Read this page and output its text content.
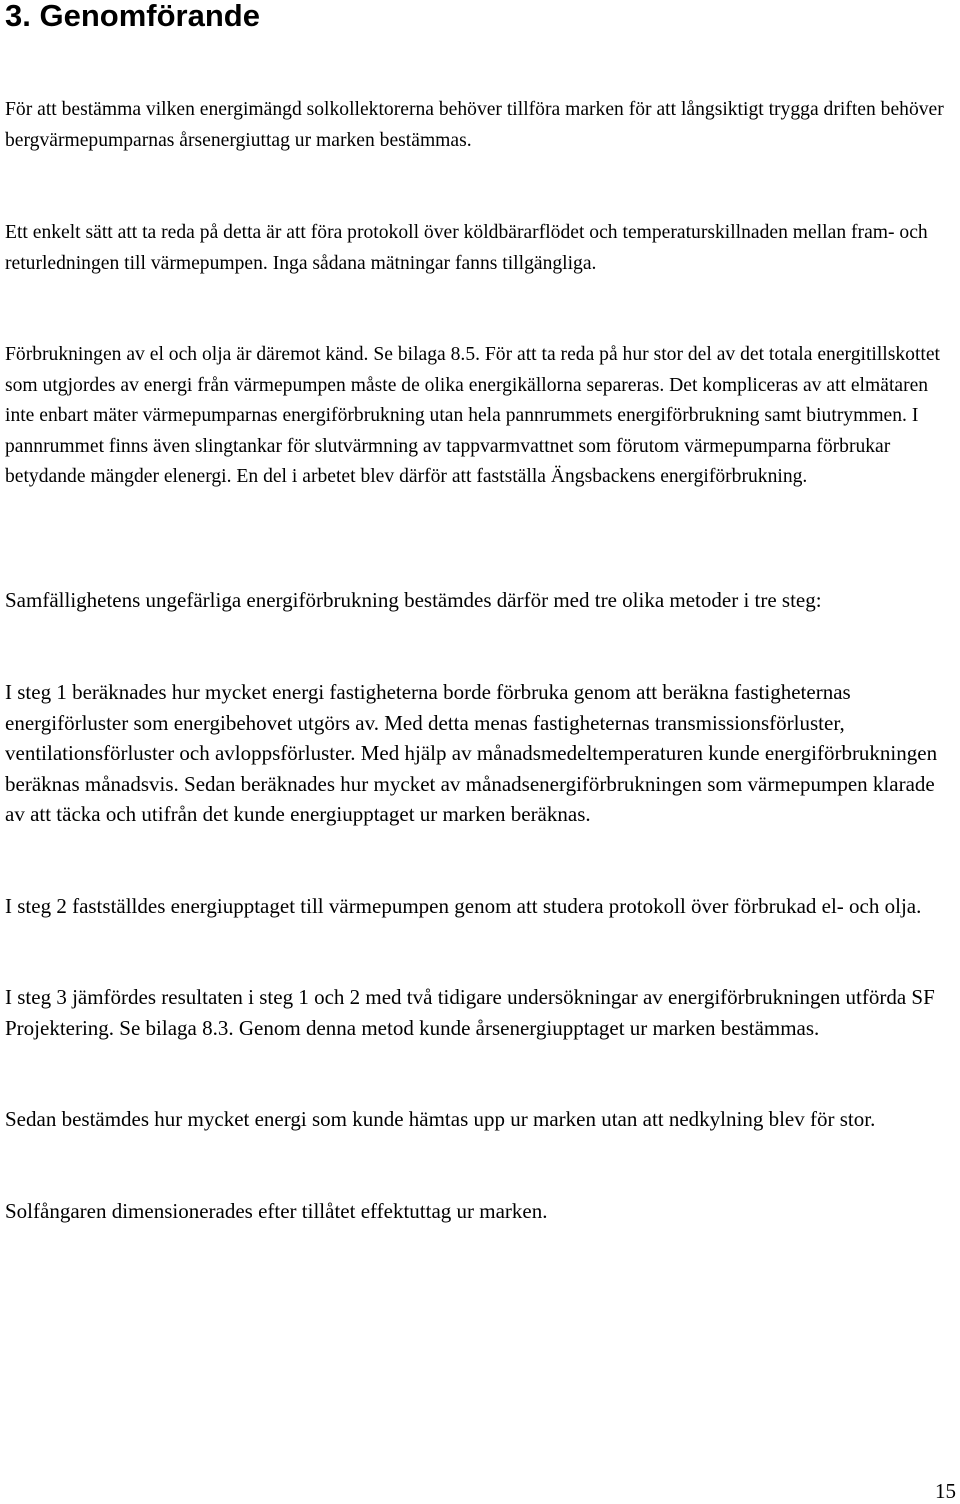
3. Genomförande

För att bestämma vilken energimängd solkollektorerna behöver tillföra marken för att långsiktigt trygga driften behöver bergvärmepumparnas årsenergiuttag ur marken bestämmas.

Ett enkelt sätt att ta reda på detta är att föra protokoll över köldbärarflödet och temperaturskillnaden mellan fram- och returledningen till värmepumpen. Inga sådana mätningar fanns tillgängliga.

Förbrukningen av el och olja är däremot känd. Se bilaga 8.5. För att ta reda på hur stor del av det totala energitillskottet som utgjordes av energi från värmepumpen måste de olika energikällorna separeras. Det kompliceras av att elmätaren inte enbart mäter värmepumparnas energiförbrukning utan hela pannrummets energiförbrukning samt biutrymmen. I pannrummet finns även slingtankar för slutvärmning av tappvarmvattnet som förutom värmepumparna förbrukar betydande mängder elenergi. En del i arbetet blev därför att fastställa Ängsbackens energiförbrukning.

Samfällighetens ungefärliga energiförbrukning bestämdes därför med tre olika metoder i tre steg:

I steg 1 beräknades hur mycket energi fastigheterna borde förbruka genom att beräkna fastigheternas energiförluster som energibehovet utgörs av. Med detta menas fastigheternas transmissionsförluster, ventilationsförluster och avloppsförluster. Med hjälp av månadsmedeltemperaturen kunde energiförbrukningen beräknas månadsvis. Sedan beräknades hur mycket av månadsenergiförbrukningen som värmepumpen klarade av att täcka och utifrån det kunde energiupptaget ur marken beräknas.

I steg 2 fastställdes energiupptaget till värmepumpen genom att studera protokoll över förbrukad el- och olja.

I steg 3 jämfördes resultaten i steg 1 och 2 med två tidigare undersökningar av energiförbrukningen utförda SF Projektering. Se bilaga 8.3. Genom denna metod kunde årsenergiupptaget ur marken bestämmas.

Sedan bestämdes hur mycket energi som kunde hämtas upp ur marken utan att nedkylning blev för stor.

Solfångaren dimensionerades efter tillåtet effektuttag ur marken.

15
